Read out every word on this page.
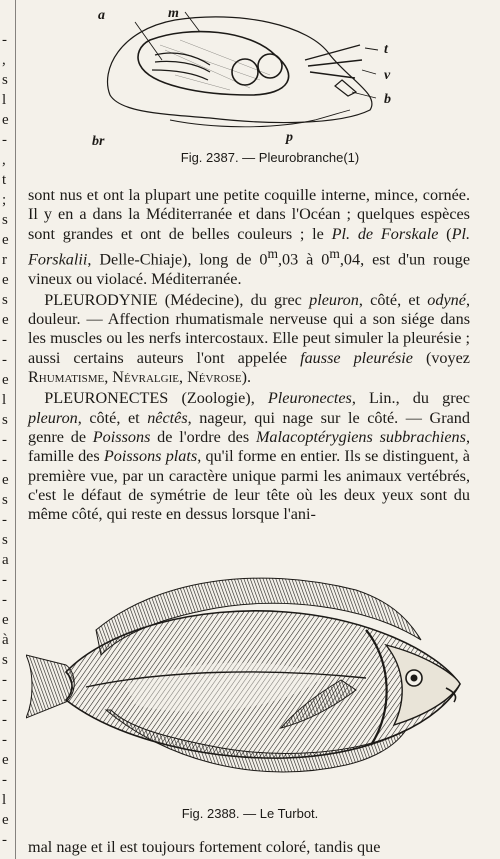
-
,
s
l
e
-
,
t
;
s
e
r
e
s
e
-
-
e
l
s
-
-
e
s
-
s
a
-
-
e
à
s
-
-
-
-
e
-
l
e
-
a	m
t
v
b
br	p
Fig. 2387. — Pleurobranche(1)

sont nus et ont la plupart une petite coquille interne, mince, cornée. Il y en a dans la Méditerranée et dans l'Océan ; quelques espèces sont grandes et ont de belles couleurs ; le Pl. de Forskale (Pl. Forskalii, Delle-Chiaje), long de 0$^m$,03 à 0$^m$,04, est d'un rouge vineux ou violacé. Méditerranée.

 PLEURODYNIE (Médecine), du grec pleuron, côté, et odyné, douleur. — Affection rhumatismale nerveuse qui a son siége dans les muscles ou les nerfs intercostaux. Elle peut simuler la pleurésie ; aussi certains auteurs l'ont appelée fausse pleurésie (voyez Rhumatisme, Névralgie, Névrose).

 PLEURONECTES (Zoologie), Pleuronectes, Lin., du grec pleuron, côté, et nêctês, nageur, qui nage sur le côté. — Grand genre de Poissons de l'ordre des Malacoptérygiens subbrachiens, famille des Poissons plats, qu'il forme en entier. Ils se distinguent, à première vue, par un caractère unique parmi les animaux vertébrés, c'est le défaut de symétrie de leur tête où les deux yeux sont du même côté, qui reste en dessus lorsque l'ani-

Fig. 2388. — Le Turbot.
mal nage et il est toujours fortement coloré, tandis que
